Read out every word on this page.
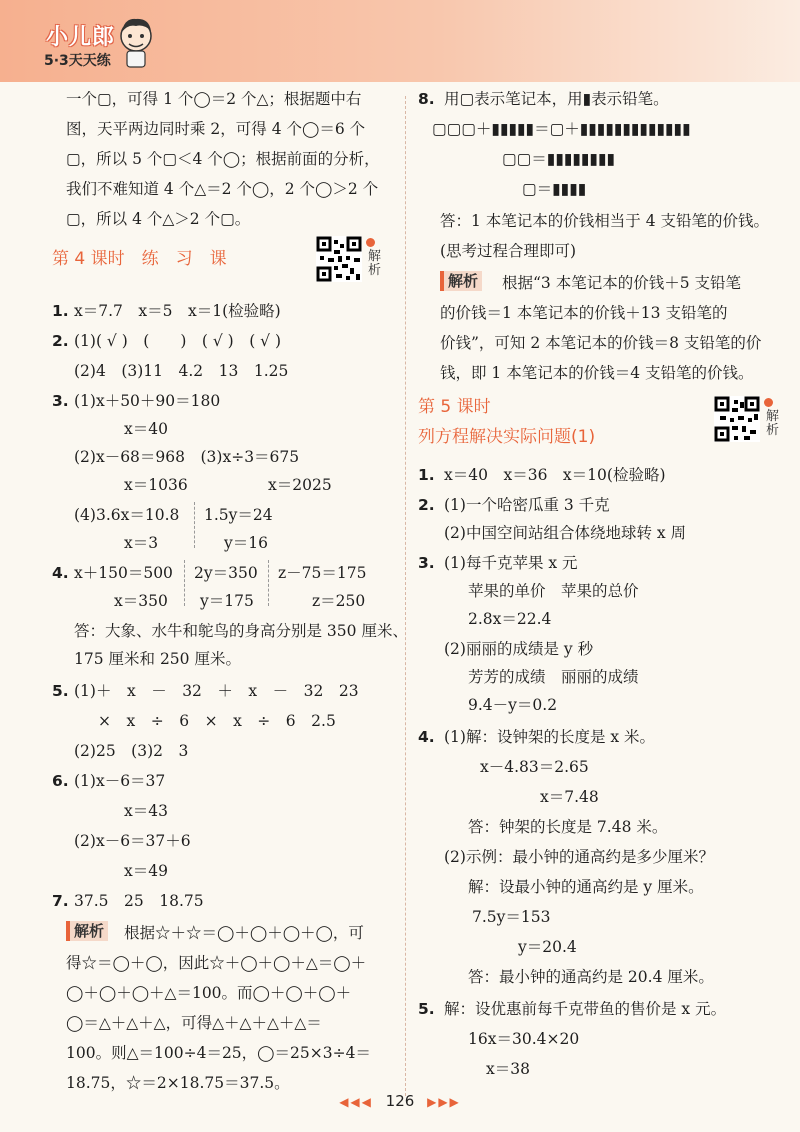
小儿郎
5·3天天练
第 4 课时　练　习　课
解析
一个▢，可得 1 个◯＝2 个△；根据题中右
图，天平两边同时乘 2，可得 4 个◯＝6 个
▢，所以 5 个▢＜4 个◯；根据前面的分析，
我们不难知道 4 个△＝2 个◯，2 个◯＞2 个
▢，所以 4 个△＞2 个▢。
1. x＝7.7　x＝5　x＝1(检验略)
2. (1)( √ )　(　　)　( √ )　( √ )
(2)4　(3)11　4.2　13　1.25
3. (1)x＋50＋90＝180
x＝40
(2)x－68＝968　(3)x÷3＝675
x＝1036	x＝2025
(4)3.6x＝10.8 1.5y＝24
x＝3	y＝16
4. x＋150＝500 2y＝350 z－75＝175
x＝350 y＝175	z＝250
答：大象、水牛和鸵鸟的身高分别是 350 厘米、
175 厘米和 250 厘米。
5. (1)＋　x　－　32　＋　x　－　32　23
×　x　÷　6　×　x　÷　6　2.5
(2)25　(3)2　3
6. (1)x－6＝37
x＝43
(2)x－6＝37＋6
x＝49
7. 37.5　25　18.75
根据☆＋☆＝◯＋◯＋◯＋◯，可
得☆＝◯＋◯，因此☆＋◯＋◯＋△＝◯＋
◯＋◯＋◯＋△＝100。而◯＋◯＋◯＋
◯＝△＋△＋△，可得△＋△＋△＋△＝
100。则△＝100÷4＝25，◯＝25×3÷4＝
18.75，☆＝2×18.75＝37.5。
解析
第 5 课时
列方程解决实际问题(1)
解析
8. 用▢表示笔记本，用▮表示铅笔。
▢▢▢＋▮▮▮▮▮＝▢＋▮▮▮▮▮▮▮▮▮▮▮▮▮
▢▢＝▮▮▮▮▮▮▮▮
▢＝▮▮▮▮
答：1 本笔记本的价钱相当于 4 支铅笔的价钱。
(思考过程合理即可)
根据“3 本笔记本的价钱＋5 支铅笔
的价钱＝1 本笔记本的价钱＋13 支铅笔的
价钱”，可知 2 本笔记本的价钱＝8 支铅笔的价
钱，即 1 本笔记本的价钱＝4 支铅笔的价钱。
1. x＝40　x＝36　x＝10(检验略)
2. (1)一个哈密瓜重 3 千克
(2)中国空间站组合体绕地球转 x 周
3. (1)每千克苹果 x 元
苹果的单价　苹果的总价
2.8x＝22.4
(2)丽丽的成绩是 y 秒
芳芳的成绩　丽丽的成绩
9.4－y＝0.2
4. (1)解：设钟架的长度是 x 米。
x－4.83＝2.65
x＝7.48
答：钟架的长度是 7.48 米。
(2)示例：最小钟的通高约是多少厘米？
解：设最小钟的通高约是 y 厘米。
7.5y＝153
y＝20.4
答：最小钟的通高约是 20.4 厘米。
5. 解：设优惠前每千克带鱼的售价是 x 元。
16x＝30.4×20
x＝38
解析
◀◀◀ 126 ▶▶▶
